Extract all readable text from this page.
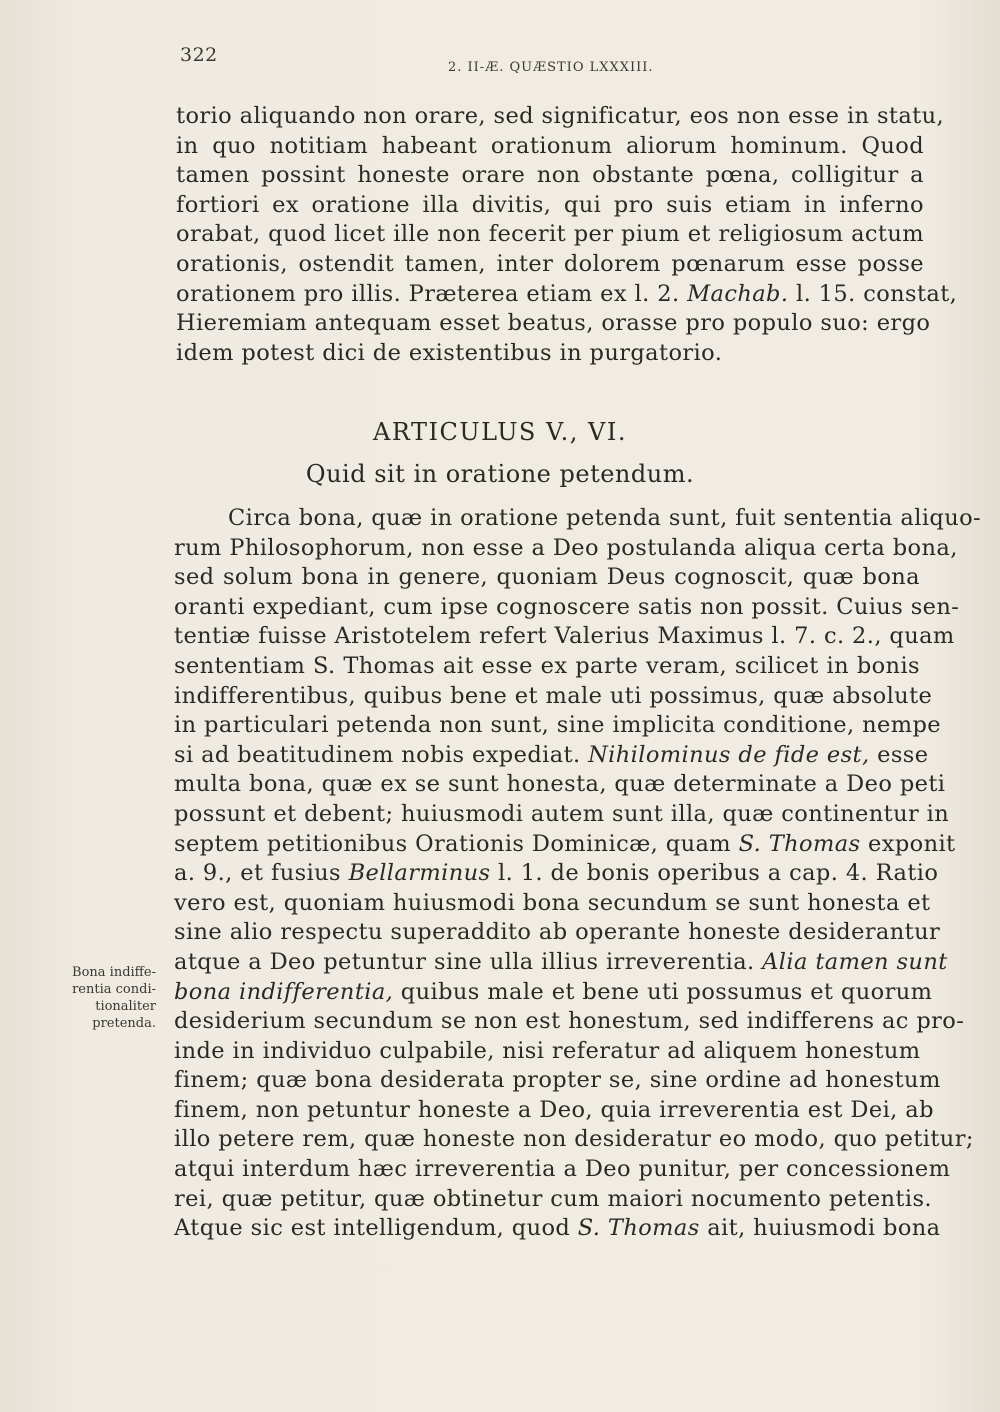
322
2. II-Æ. QUÆSTIO LXXXIII.
torio aliquando non orare, sed significatur, eos non esse in statu,
in quo notitiam habeant orationum aliorum hominum. Quod
tamen possint honeste orare non obstante pœna, colligitur a
fortiori ex oratione illa divitis, qui pro suis etiam in inferno
orabat, quod licet ille non fecerit per pium et religiosum actum
orationis, ostendit tamen, inter dolorem pœnarum esse posse
orationem pro illis. Præterea etiam ex l. 2. Machab. l. 15. constat,
Hieremiam antequam esset beatus, orasse pro populo suo: ergo
idem potest dici de existentibus in purgatorio.
ARTICULUS V., VI.
Quid sit in oratione petendum.
Circa bona, quæ in oratione petenda sunt, fuit sententia aliquo-
rum Philosophorum, non esse a Deo postulanda aliqua certa bona,
sed solum bona in genere, quoniam Deus cognoscit, quæ bona
oranti expediant, cum ipse cognoscere satis non possit. Cuius sen-
tentiæ fuisse Aristotelem refert Valerius Maximus l. 7. c. 2., quam
sententiam S. Thomas ait esse ex parte veram, scilicet in bonis
indifferentibus, quibus bene et male uti possimus, quæ absolute
in particulari petenda non sunt, sine implicita conditione, nempe
si ad beatitudinem nobis expediat. Nihilominus de fide est, esse
multa bona, quæ ex se sunt honesta, quæ determinate a Deo peti
possunt et debent; huiusmodi autem sunt illa, quæ continentur in
septem petitionibus Orationis Dominicæ, quam S. Thomas exponit
a. 9., et fusius Bellarminus l. 1. de bonis operibus a cap. 4. Ratio
vero est, quoniam huiusmodi bona secundum se sunt honesta et
sine alio respectu superaddito ab operante honeste desiderantur
atque a Deo petuntur sine ulla illius irreverentia. Alia tamen sunt
bona indifferentia, quibus male et bene uti possumus et quorum
desiderium secundum se non est honestum, sed indifferens ac pro-
inde in individuo culpabile, nisi referatur ad aliquem honestum
finem; quæ bona desiderata propter se, sine ordine ad honestum
finem, non petuntur honeste a Deo, quia irreverentia est Dei, ab
illo petere rem, quæ honeste non desideratur eo modo, quo petitur;
atqui interdum hæc irreverentia a Deo punitur, per concessionem
rei, quæ petitur, quæ obtinetur cum maiori nocumento petentis.
Atque sic est intelligendum, quod S. Thomas ait, huiusmodi bona
Bona indiffe-rentia condi-tionaliter pretenda.
